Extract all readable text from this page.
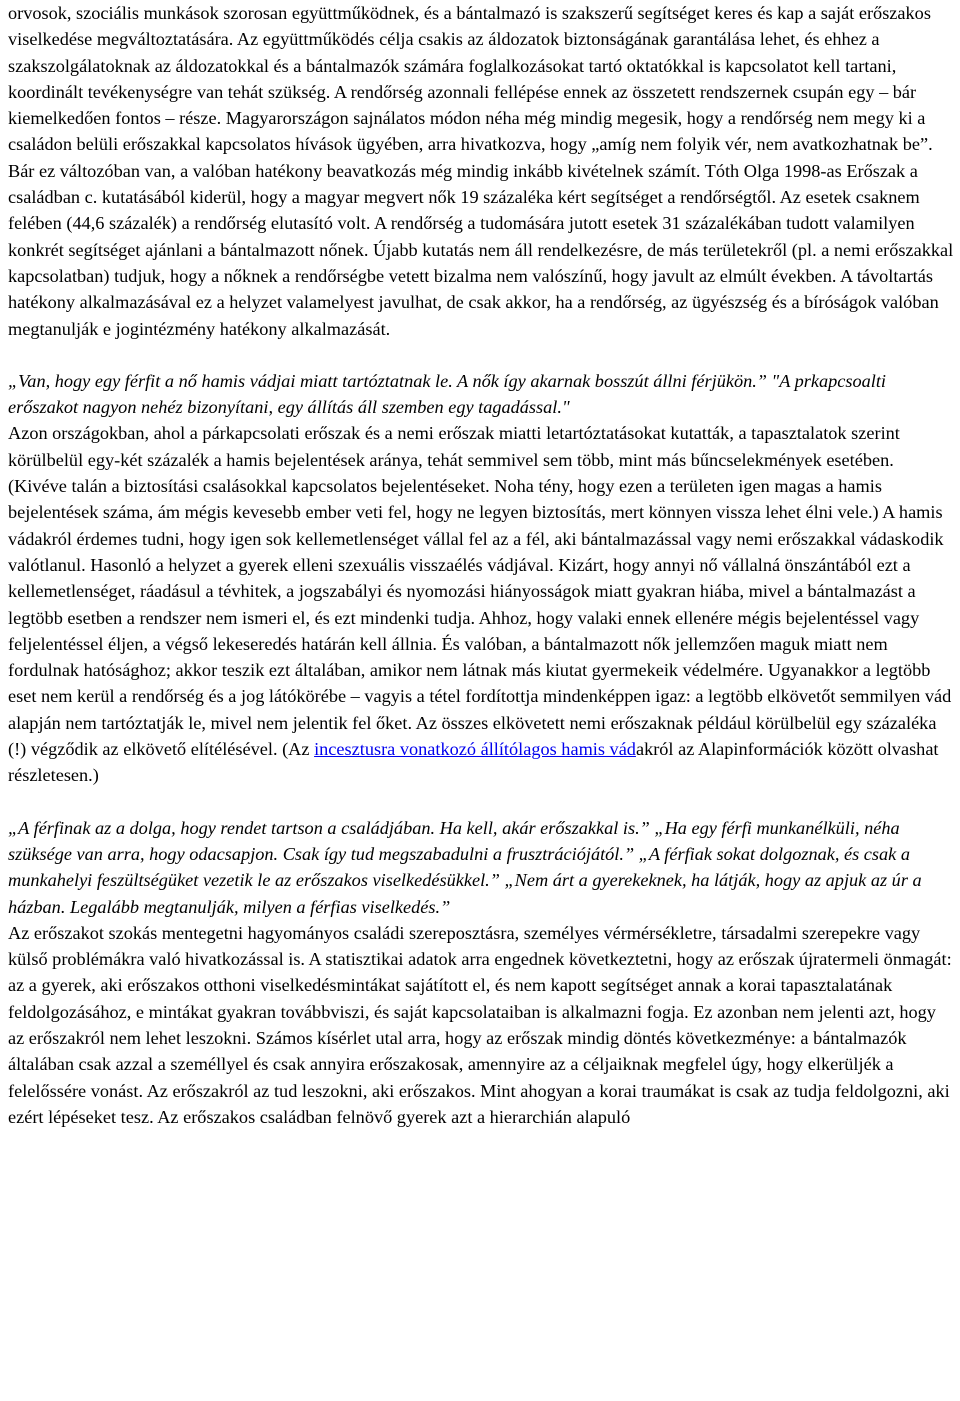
orvosok, szociális munkások szorosan együttműködnek, és a bántalmazó is szakszerű segítséget keres és kap a saját erőszakos viselkedése megváltoztatására. Az együttműködés célja csakis az áldozatok biztonságának garantálása lehet, és ehhez a szakszolgálatoknak az áldozatokkal és a bántalmazók számára foglalkozásokat tartó oktatókkal is kapcsolatot kell tartani, koordinált tevékenységre van tehát szükség. A rendőrség azonnali fellépése ennek az összetett rendszernek csupán egy – bár kiemelkedően fontos – része. Magyarországon sajnálatos módon néha még mindig megesik, hogy a rendőrség nem megy ki a családon belüli erőszakkal kapcsolatos hívások ügyében, arra hivatkozva, hogy „amíg nem folyik vér, nem avatkozhatnak be”. Bár ez változóban van, a valóban hatékony beavatkozás még mindig inkább kivételnek számít. Tóth Olga 1998-as Erőszak a családban c. kutatásából kiderül, hogy a magyar megvert nők 19 százaléka kért segítséget a rendőrségtől. Az esetek csaknem felében (44,6 százalék) a rendőrség elutasító volt. A rendőrség a tudomására jutott esetek 31 százalékában tudott valamilyen konkrét segítséget ajánlani a bántalmazott nőnek. Újabb kutatás nem áll rendelkezésre, de más területekről (pl. a nemi erőszakkal kapcsolatban) tudjuk, hogy a nőknek a rendőrségbe vetett bizalma nem valószínű, hogy javult az elmúlt években. A távoltartás hatékony alkalmazásával ez a helyzet valamelyest javulhat, de csak akkor, ha a rendőrség, az ügyészség és a bíróságok valóban megtanulják e jogintézmény hatékony alkalmazását.

„Van, hogy egy férfit a nő hamis vádjai miatt tartóztatnak le. A nők így akarnak bosszút állni férjükön.” "A prkapcsoalti erőszakot nagyon nehéz bizonyítani, egy állítás áll szemben egy tagadással."

Azon országokban, ahol a párkapcsolati erőszak és a nemi erőszak miatti letartóztatásokat kutatták, a tapasztalatok szerint körülbelül egy-két százalék a hamis bejelentések aránya, tehát semmivel sem több, mint más bűncselekmények esetében. (Kivéve talán a biztosítási csalásokkal kapcsolatos bejelentéseket. Noha tény, hogy ezen a területen igen magas a hamis bejelentések száma, ám mégis kevesebb ember veti fel, hogy ne legyen biztosítás, mert könnyen vissza lehet élni vele.) A hamis vádakról érdemes tudni, hogy igen sok kellemetlenséget vállal fel az a fél, aki bántalmazással vagy nemi erőszakkal vádaskodik valótlanul. Hasonló a helyzet a gyerek elleni szexuális visszaélés vádjával. Kizárt, hogy annyi nő vállalná önszántából ezt a kellemetlenséget, ráadásul a tévhitek, a jogszabályi és nyomozási hiányosságok miatt gyakran hiába, mivel a bántalmazást a legtöbb esetben a rendszer nem ismeri el, és ezt mindenki tudja. Ahhoz, hogy valaki ennek ellenére mégis bejelentéssel vagy feljelentéssel éljen, a végső lekeseredés határán kell állnia. És valóban, a bántalmazott nők jellemzően maguk miatt nem fordulnak hatósághoz; akkor teszik ezt általában, amikor nem látnak más kiutat gyermekeik védelmére. Ugyanakkor a legtöbb eset nem kerül a rendőrség és a jog látókörébe – vagyis a tétel fordítottja mindenképpen igaz: a legtöbb elkövetőt semmilyen vád alapján nem tartóztatják le, mivel nem jelentik fel őket. Az összes elkövetett nemi erőszaknak például körülbelül egy százaléka (!) végződik az elkövető elítélésével. (Az incesztusra vonatkozó állítólagos hamis vádakról az Alapinformációk között olvashat részletesen.)

„A férfinak az a dolga, hogy rendet tartson a családjában. Ha kell, akár erőszakkal is.” „Ha egy férfi munkanélküli, néha szüksége van arra, hogy odacsapjon. Csak így tud megszabadulni a frusztrációjától.” „A férfiak sokat dolgoznak, és csak a munkahelyi feszültségüket vezetik le az erőszakos viselkedésükkel.” „Nem árt a gyerekeknek, ha látják, hogy az apjuk az úr a házban. Legalább megtanulják, milyen a férfias viselkedés.”

Az erőszakot szokás mentegetni hagyományos családi szereposztásra, személyes vérmérsékletre, társadalmi szerepekre vagy külső problémákra való hivatkozással is. A statisztikai adatok arra engednek következtetni, hogy az erőszak újratermeli önmagát: az a gyerek, aki erőszakos otthoni viselkedésmintákat sajátított el, és nem kapott segítséget annak a korai tapasztalatának feldolgozásához, e mintákat gyakran továbbviszi, és saját kapcsolataiban is alkalmazni fogja. Ez azonban nem jelenti azt, hogy az erőszakról nem lehet leszokni. Számos kísérlet utal arra, hogy az erőszak mindig döntés következménye: a bántalmazók általában csak azzal a személlyel és csak annyira erőszakosak, amennyire az a céljaiknak megfelel úgy, hogy elkerüljék a felelőssére vonást. Az erőszakról az tud leszokni, aki erőszakos. Mint ahogyan a korai traumákat is csak az tudja feldolgozni, aki ezért lépéseket tesz. Az erőszakos családban felnövő gyerek azt a hierarchián alapuló
